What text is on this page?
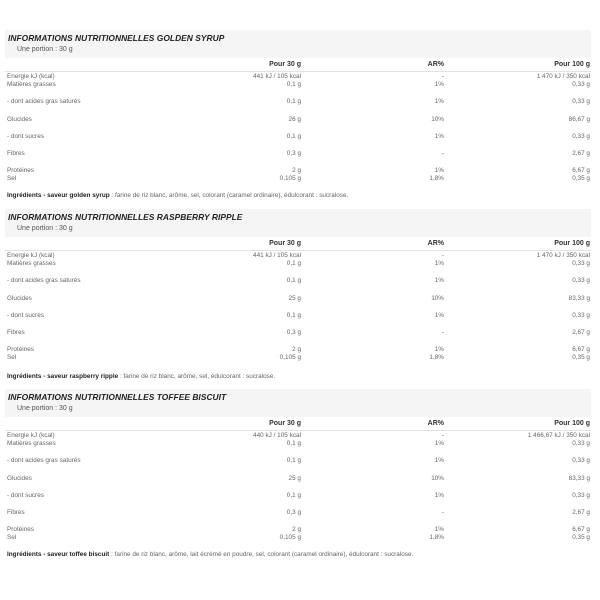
INFORMATIONS NUTRITIONNELLES GOLDEN SYRUP
Une portion : 30 g
Pour 30 g	AR%	Pour 100 g
Energie kJ (kcal)	441 kJ / 105 kcal	-	1 470 kJ / 350 kcal
Matières grasses	0,1 g	1%	0,33 g
- dont acides gras saturés	0,1 g	1%	0,33 g
Glucides	26 g	10%	86,67 g
- dont sucres	0,1 g	1%	0,33 g
Fibres	0,3 g	-	2,67 g
Protéines	2 g	1%	6,67 g
Sel	0,105 g	1,8%	0,35 g
Ingrédients - saveur golden syrup : farine de riz blanc, arôme, sel, colorant (caramel ordinaire), édulcorant : sucralose.
INFORMATIONS NUTRITIONNELLES RASPBERRY RIPPLE
Une portion : 30 g
Pour 30 g	AR%	Pour 100 g
Energie kJ (kcal)	441 kJ / 105 kcal	-	1 470 kJ / 350 kcal
Matières grasses	0,1 g	1%	0,33 g
- dont acides gras saturés	0,1 g	1%	0,33 g
Glucides	25 g	10%	83,33 g
- dont sucres	0,1 g	1%	0,33 g
Fibres	0,3 g	-	2,67 g
Protéines	2 g	1%	6,67 g
Sel	0,105 g	1,8%	0,35 g
Ingrédients - saveur raspberry ripple : farine de riz blanc, arôme, sel, édulcorant : sucralose.
INFORMATIONS NUTRITIONNELLES TOFFEE BISCUIT
Une portion : 30 g
Pour 30 g	AR%	Pour 100 g
Energie kJ (kcal)	440 kJ / 105 kcal	-	1 466,67 kJ / 350 kcal
Matières grasses	0,1 g	1%	0,33 g
- dont acides gras saturés	0,1 g	1%	0,33 g
Glucides	25 g	10%	83,33 g
- dont sucres	0,1 g	1%	0,33 g
Fibres	0,3 g	-	2,67 g
Protéines	2 g	1%	6,67 g
Sel	0,105 g	1,8%	0,35 g
Ingrédients - saveur toffee biscuit : farine de riz blanc, arôme, lait écrémé en poudre, sel, colorant (caramel ordinaire), édulcorant : sucralose.
